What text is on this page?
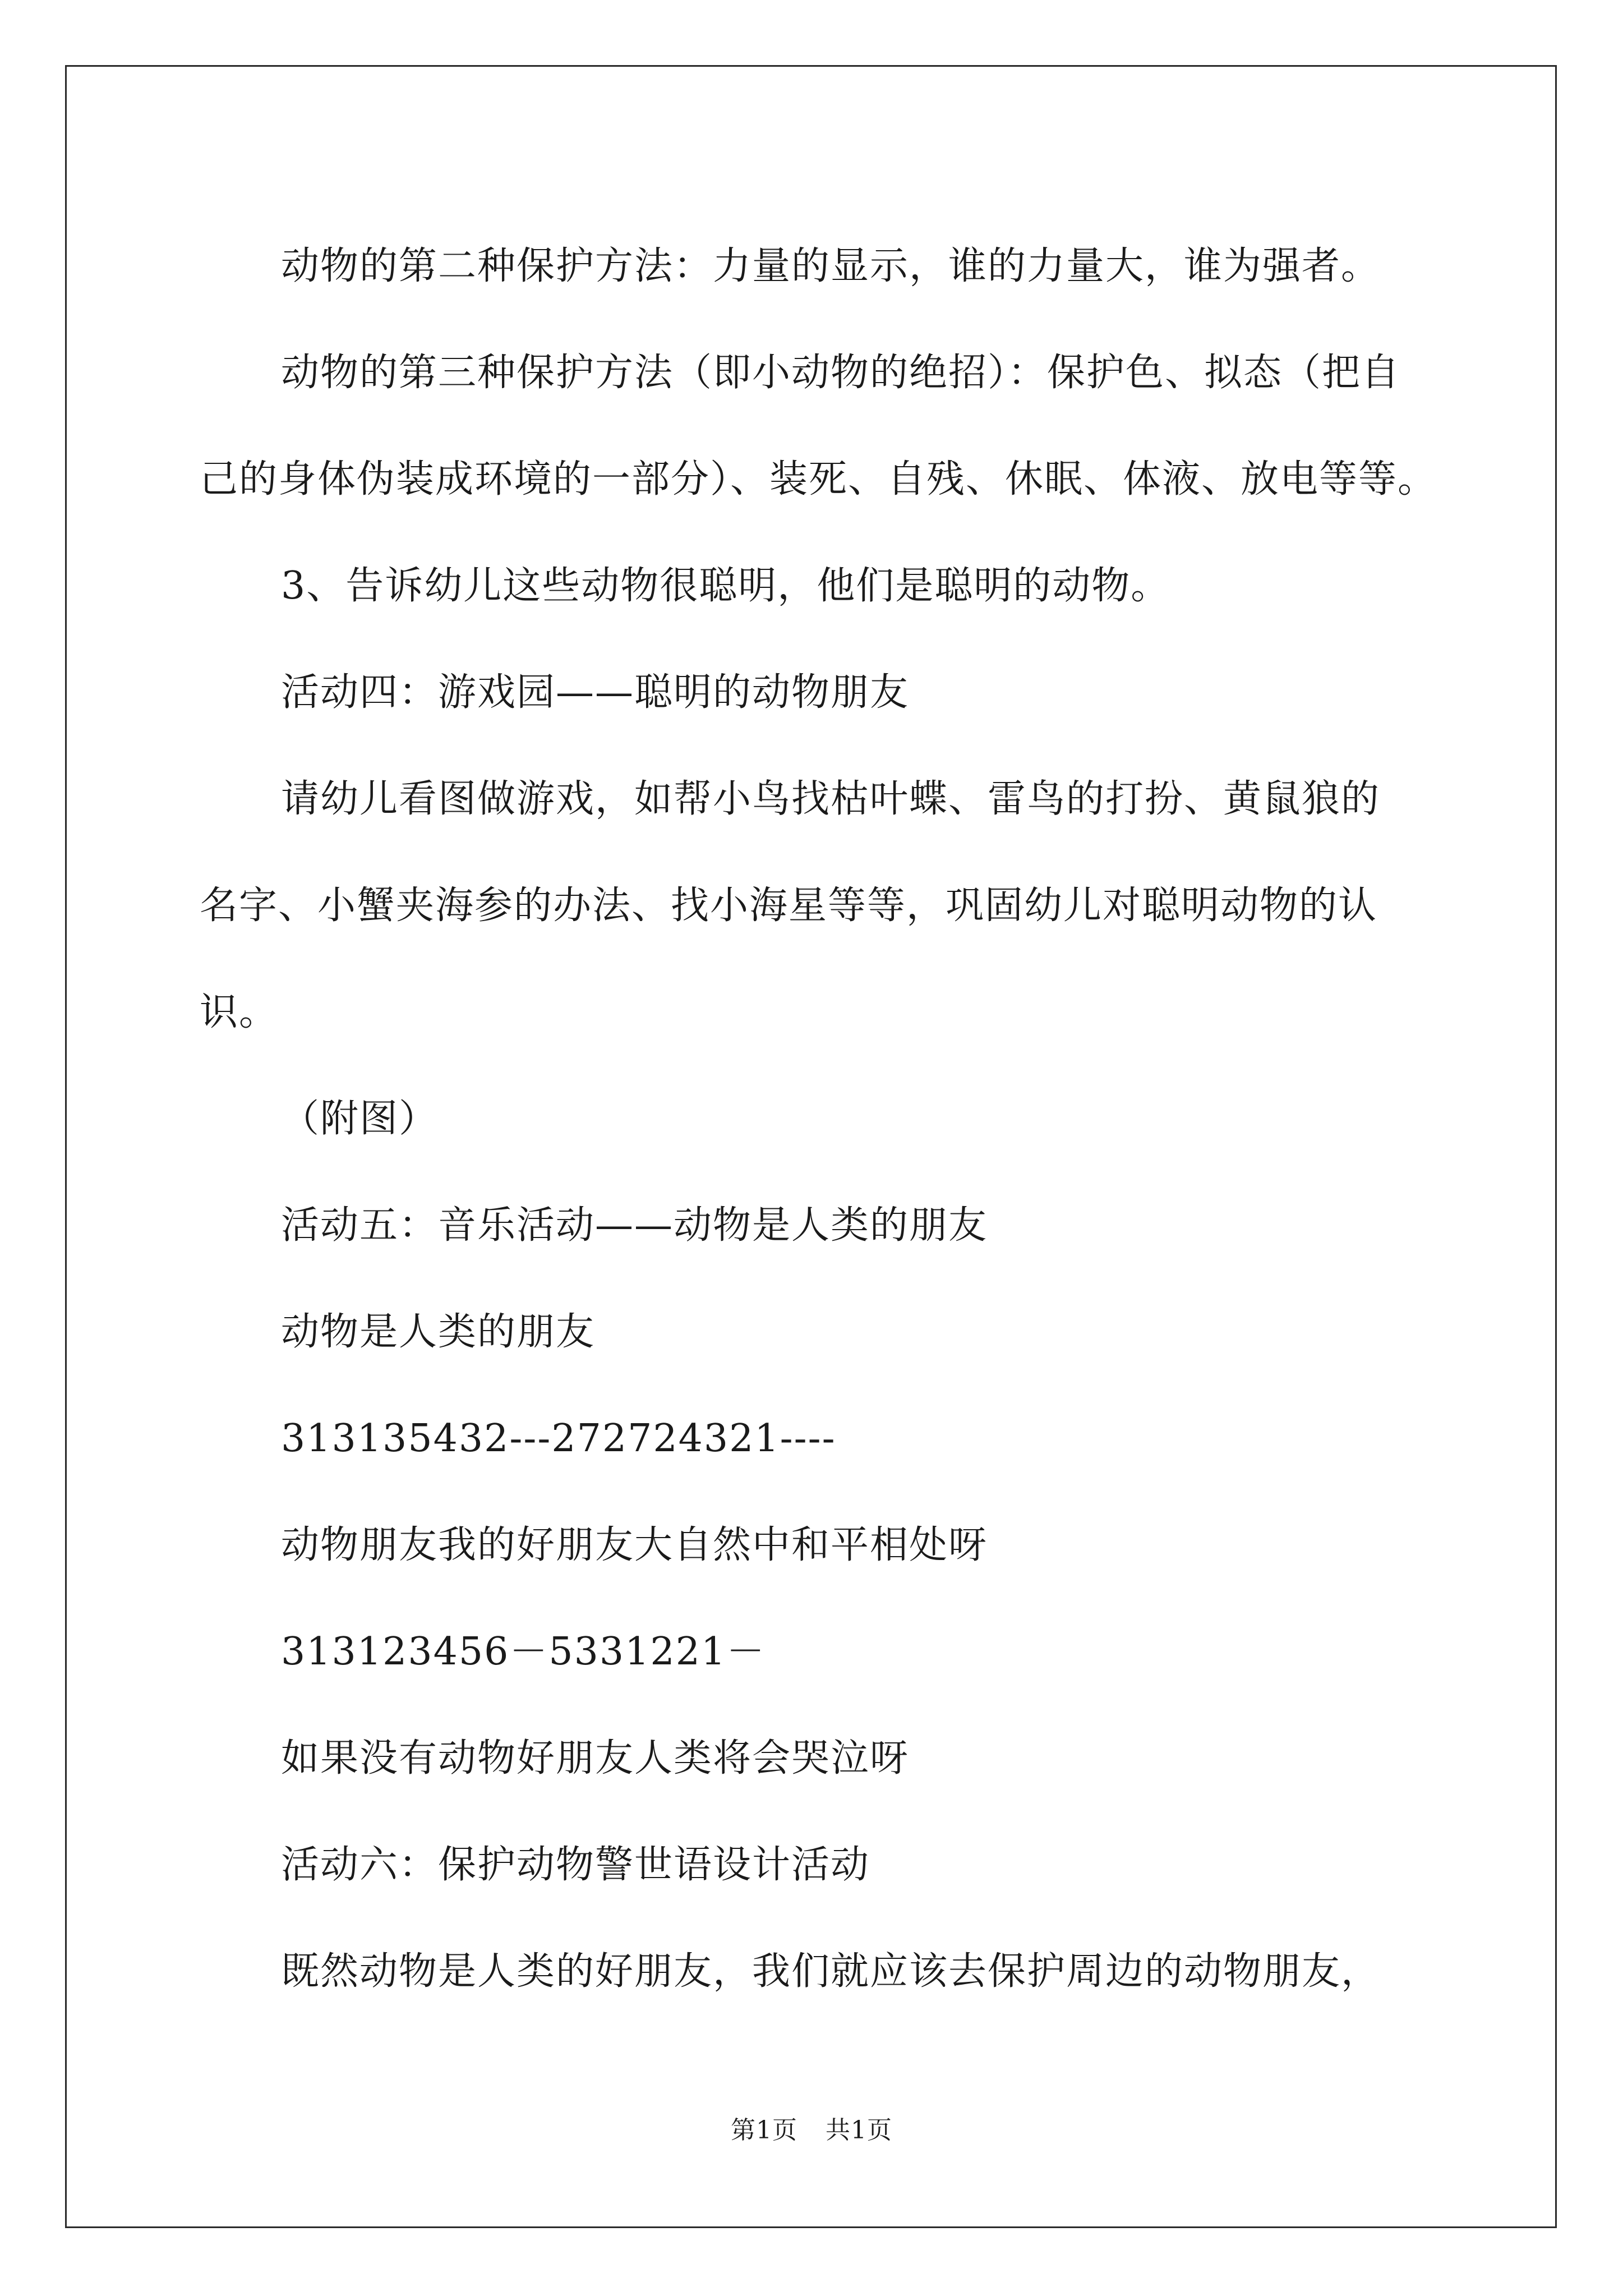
动物的第二种保护方法：力量的显示，谁的力量大，谁为强者。
动物的第三种保护方法（即小动物的绝招）：保护色、拟态（把自
己的身体伪装成环境的一部分）、装死、自残、休眠、体液、放电等等。
3、告诉幼儿这些动物很聪明，他们是聪明的动物。
活动四：游戏园——聪明的动物朋友
请幼儿看图做游戏，如帮小鸟找枯叶蝶、雷鸟的打扮、黄鼠狼的
名字、小蟹夹海参的办法、找小海星等等，巩固幼儿对聪明动物的认
识。
（附图）
活动五：音乐活动——动物是人类的朋友
动物是人类的朋友
313135432---272724321----
动物朋友我的好朋友大自然中和平相处呀
313123456－5331221－
如果没有动物好朋友人类将会哭泣呀
活动六：保护动物警世语设计活动
既然动物是人类的好朋友，我们就应该去保护周边的动物朋友，
第1页 共1页
